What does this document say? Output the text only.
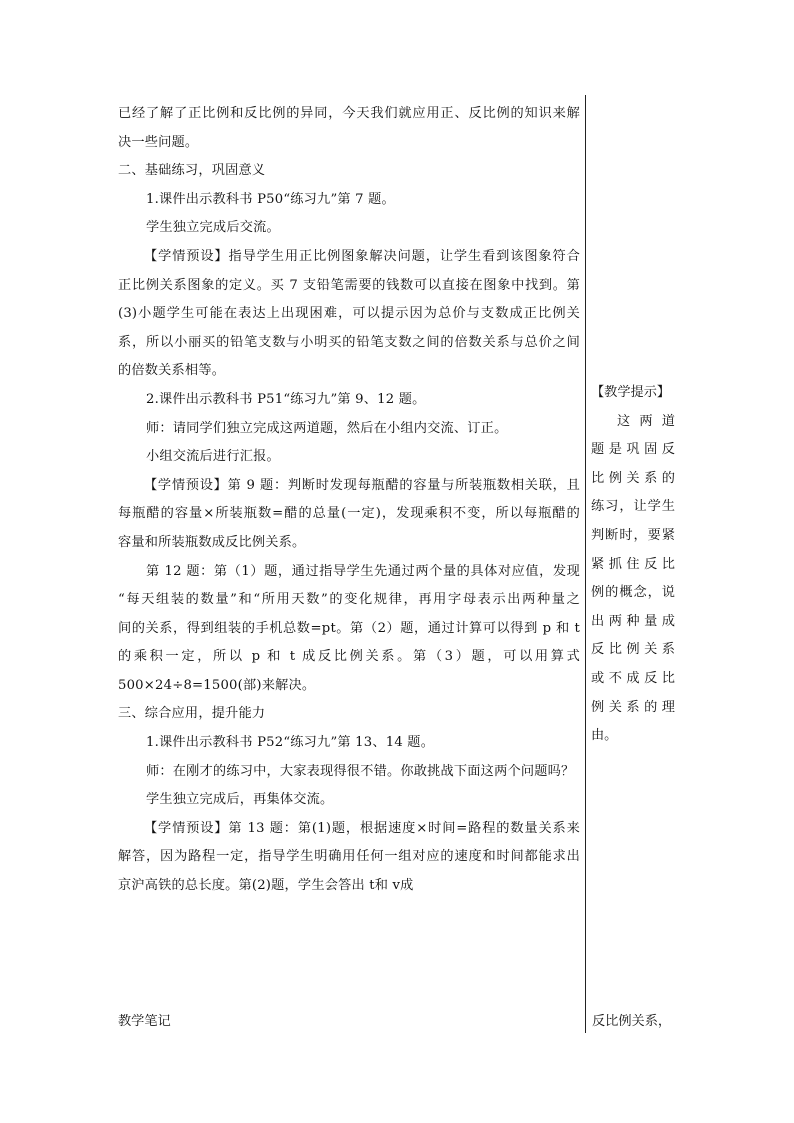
已经了解了正比例和反比例的异同，今天我们就应用正、反比例的知识来解
决一些问题。
二、基础练习，巩固意义
1.课件出示教科书 P50“练习九”第 7 题。
学生独立完成后交流。
【学情预设】指导学生用正比例图象解决问题，让学生看到该图象符合
正比例关系图象的定义。买 7 支铅笔需要的钱数可以直接在图象中找到。第
(3)小题学生可能在表达上出现困难，可以提示因为总价与支数成正比例关
系，所以小丽买的铅笔支数与小明买的铅笔支数之间的倍数关系与总价之间
的倍数关系相等。
2.课件出示教科书 P51“练习九”第 9、12 题。
师：请同学们独立完成这两道题，然后在小组内交流、订正。
小组交流后进行汇报。
【学情预设】第 9 题：判断时发现每瓶醋的容量与所装瓶数相关联，且
每瓶醋的容量×所装瓶数=醋的总量(一定)，发现乘积不变，所以每瓶醋的
容量和所装瓶数成反比例关系。
第 12 题：第（1）题，通过指导学生先通过两个量的具体对应值，发现
“每天组装的数量”和“所用天数”的变化规律，再用字母表示出两种量之
间的关系，得到组装的手机总数=pt。第（2）题，通过计算可以得到 p 和 t
的乘积一定，所以 p 和 t 成反比例关系。第（3）题，可以用算式
500×24÷8=1500(部)来解决。
三、综合应用，提升能力
1.课件出示教科书 P52“练习九”第 13、14 题。
师：在刚才的练习中，大家表现得很不错。你敢挑战下面这两个问题吗？
学生独立完成后，再集体交流。
【学情预设】第 13 题：第(1)题，根据速度×时间=路程的数量关系来
解答，因为路程一定，指导学生明确用任何一组对应的速度和时间都能求出
京沪高铁的总长度。第(2)题，学生会答出 t和 v成
【教学提示】
这 两 道
题是巩固反
比例关系的
练习，让学生
判断时，要紧
紧抓住反比
例的概念，说
出两种量成
反比例关系
或不成反比
例关系的理
由。
教学笔记	反比例关系，
